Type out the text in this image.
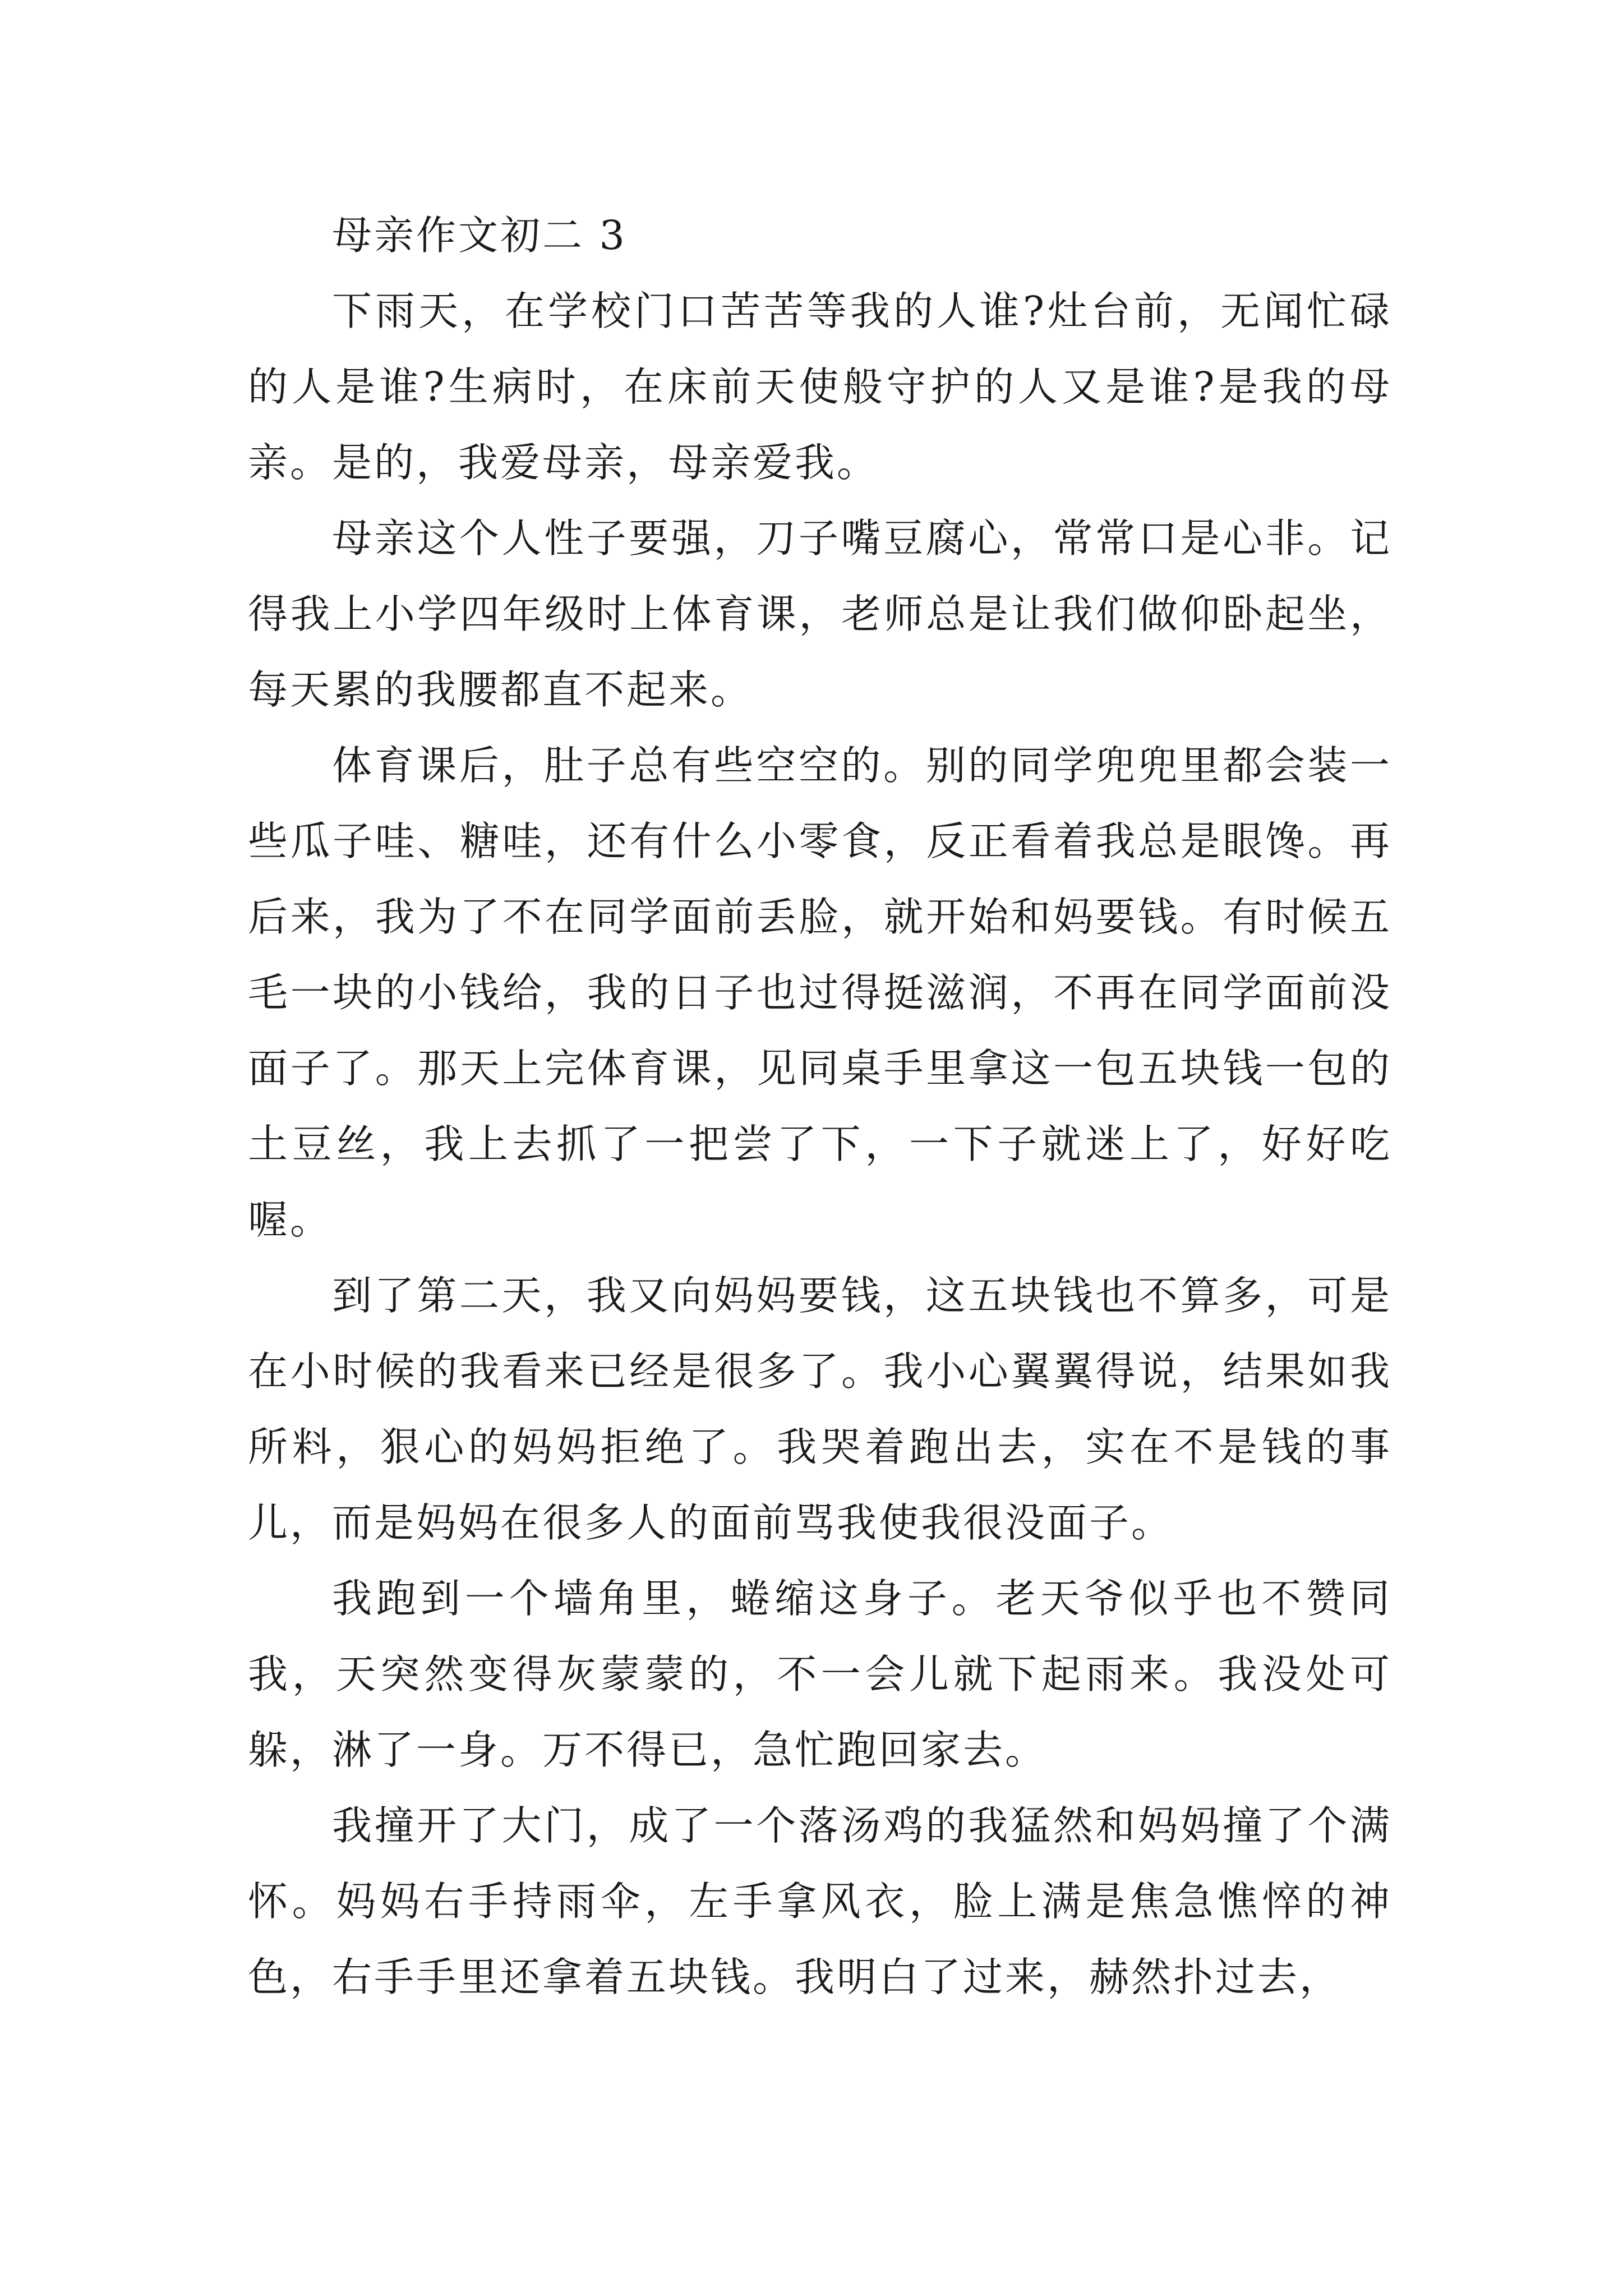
母亲作文初二 3

下雨天，在学校门口苦苦等我的人谁?灶台前，无闻忙碌的人是谁?生病时，在床前天使般守护的人又是谁?是我的母亲。是的，我爱母亲，母亲爱我。

母亲这个人性子要强，刀子嘴豆腐心，常常口是心非。记得我上小学四年级时上体育课，老师总是让我们做仰卧起坐，每天累的我腰都直不起来。

体育课后，肚子总有些空空的。别的同学兜兜里都会装一些瓜子哇、糖哇，还有什么小零食，反正看着我总是眼馋。再后来，我为了不在同学面前丢脸，就开始和妈要钱。有时候五毛一块的小钱给，我的日子也过得挺滋润，不再在同学面前没面子了。那天上完体育课，见同桌手里拿这一包五块钱一包的土豆丝，我上去抓了一把尝了下，一下子就迷上了，好好吃喔。

到了第二天，我又向妈妈要钱，这五块钱也不算多，可是在小时候的我看来已经是很多了。我小心翼翼得说，结果如我所料，狠心的妈妈拒绝了。我哭着跑出去，实在不是钱的事儿，而是妈妈在很多人的面前骂我使我很没面子。

我跑到一个墙角里，蜷缩这身子。老天爷似乎也不赞同我，天突然变得灰蒙蒙的，不一会儿就下起雨来。我没处可躲，淋了一身。万不得已，急忙跑回家去。

我撞开了大门，成了一个落汤鸡的我猛然和妈妈撞了个满怀。妈妈右手持雨伞，左手拿风衣，脸上满是焦急憔悴的神色，右手手里还拿着五块钱。我明白了过来，赫然扑过去，
